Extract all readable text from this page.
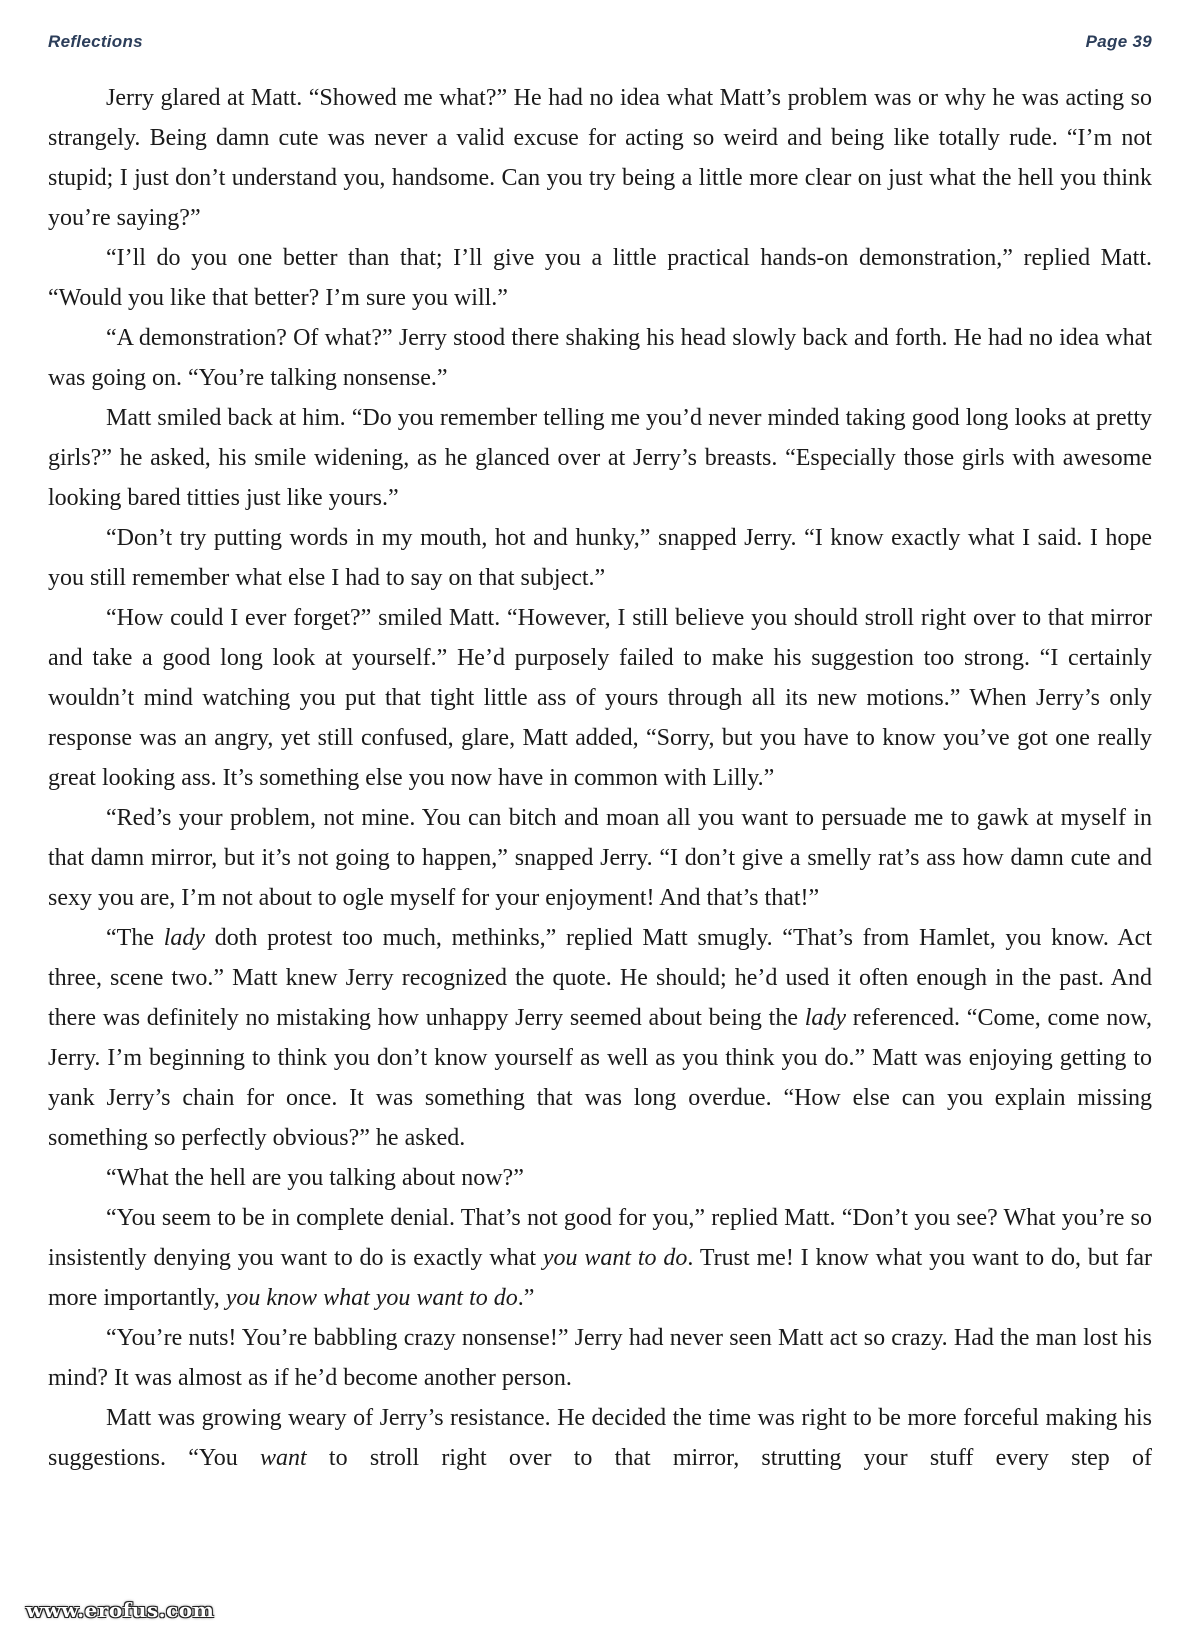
Reflections	Page 39

Jerry glared at Matt. “Showed me what?” He had no idea what Matt’s problem was or why he was acting so strangely. Being damn cute was never a valid excuse for acting so weird and being like totally rude. “I’m not stupid; I just don’t understand you, handsome. Can you try being a little more clear on just what the hell you think you’re saying?”

“I’ll do you one better than that; I’ll give you a little practical hands-on demonstration,” replied Matt. “Would you like that better? I’m sure you will.”

“A demonstration? Of what?” Jerry stood there shaking his head slowly back and forth. He had no idea what was going on. “You’re talking nonsense.”

Matt smiled back at him. “Do you remember telling me you’d never minded taking good long looks at pretty girls?” he asked, his smile widening, as he glanced over at Jerry’s breasts. “Especially those girls with awesome looking bared titties just like yours.”

“Don’t try putting words in my mouth, hot and hunky,” snapped Jerry. “I know exactly what I said. I hope you still remember what else I had to say on that subject.”

“How could I ever forget?” smiled Matt. “However, I still believe you should stroll right over to that mirror and take a good long look at yourself.” He’d purposely failed to make his suggestion too strong. “I certainly wouldn’t mind watching you put that tight little ass of yours through all its new motions.” When Jerry’s only response was an angry, yet still confused, glare, Matt added, “Sorry, but you have to know you’ve got one really great looking ass. It’s something else you now have in common with Lilly.”

“Red’s your problem, not mine. You can bitch and moan all you want to persuade me to gawk at myself in that damn mirror, but it’s not going to happen,” snapped Jerry. “I don’t give a smelly rat’s ass how damn cute and sexy you are, I’m not about to ogle myself for your enjoyment! And that’s that!”

“The lady doth protest too much, methinks,” replied Matt smugly. “That’s from Hamlet, you know. Act three, scene two.” Matt knew Jerry recognized the quote. He should; he’d used it often enough in the past. And there was definitely no mistaking how unhappy Jerry seemed about being the lady referenced. “Come, come now, Jerry. I’m beginning to think you don’t know yourself as well as you think you do.” Matt was enjoying getting to yank Jerry’s chain for once. It was something that was long overdue. “How else can you explain missing something so perfectly obvious?” he asked.

“What the hell are you talking about now?”

“You seem to be in complete denial. That’s not good for you,” replied Matt. “Don’t you see? What you’re so insistently denying you want to do is exactly what you want to do. Trust me! I know what you want to do, but far more importantly, you know what you want to do.”

“You’re nuts! You’re babbling crazy nonsense!” Jerry had never seen Matt act so crazy. Had the man lost his mind? It was almost as if he’d become another person.

Matt was growing weary of Jerry’s resistance. He decided the time was right to be more forceful making his suggestions. “You want to stroll right over to that mirror, strutting your stuff every step of

www.erofus.com
